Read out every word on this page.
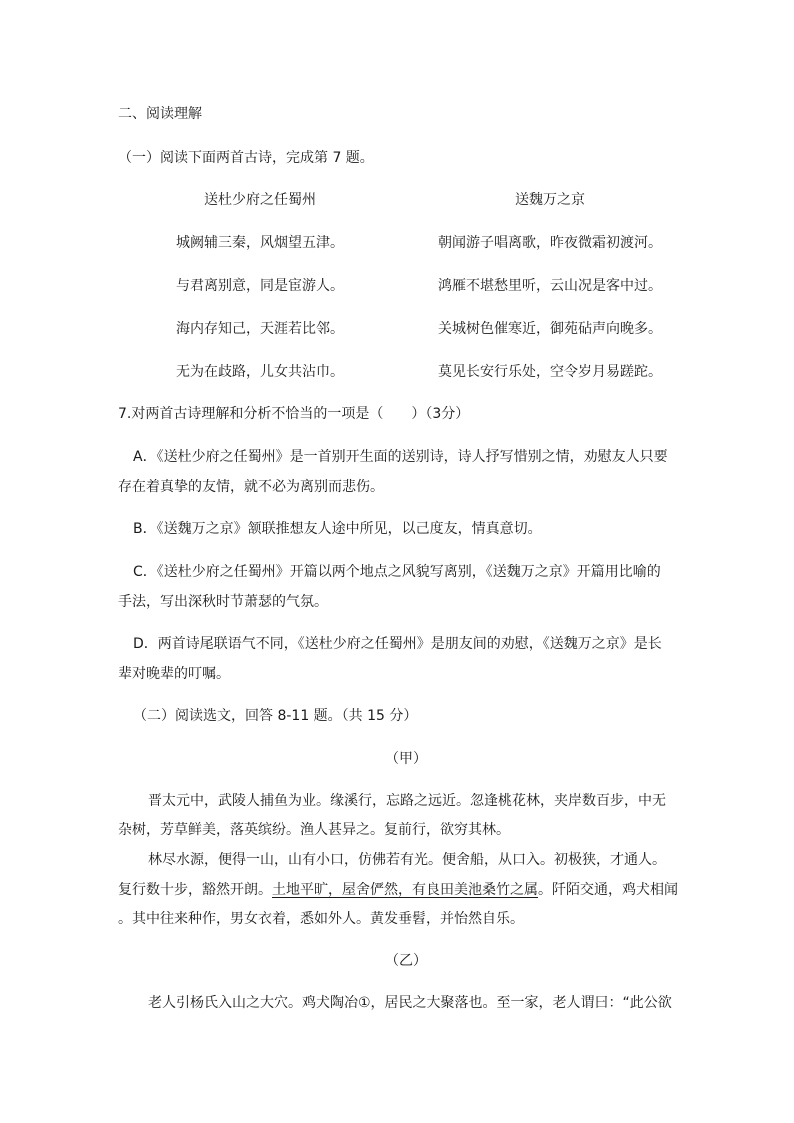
二、阅读理解
（一）阅读下面两首古诗，完成第 7 题。
送杜少府之任蜀州	送魏万之京
城阙辅三秦，风烟望五津。
与君离别意，同是宦游人。
海内存知己，天涯若比邻。
无为在歧路，儿女共沾巾。
朝闻游子唱离歌，昨夜微霜初渡河。
鸿雁不堪愁里听，云山况是客中过。
关城树色催寒近，御苑砧声向晚多。
莫见长安行乐处，空令岁月易蹉跎。
7.对两首古诗理解和分析不恰当的一项是（　　）（3分）
A．《送杜少府之任蜀州》是一首别开生面的送别诗，诗人抒写惜别之情，劝慰友人只要
存在着真挚的友情，就不必为离别而悲伤。
B．《送魏万之京》颔联推想友人途中所见，以己度友，情真意切。
C．《送杜少府之任蜀州》开篇以两个地点之风貌写离别，《送魏万之京》开篇用比喻的
手法，写出深秋时节萧瑟的气氛。
D．两首诗尾联语气不同，《送杜少府之任蜀州》是朋友间的劝慰，《送魏万之京》是长
辈对晚辈的叮嘱。
（二）阅读选文，回答 8-11 题。（共 15 分）
（甲）
晋太元中，武陵人捕鱼为业。缘溪行，忘路之远近。忽逢桃花林，夹岸数百步，中无
杂树，芳草鲜美，落英缤纷。渔人甚异之。复前行，欲穷其林。
林尽水源，便得一山，山有小口，仿佛若有光。便舍船，从口入。初极狭，才通人。
复行数十步，豁然开朗。土地平旷，屋舍俨然，有良田美池桑竹之属。阡陌交通，鸡犬相闻
。其中往来种作，男女衣着，悉如外人。黄发垂髫，并怡然自乐。
（乙）
老人引杨氏入山之大穴。鸡犬陶冶①，居民之大聚落也。至一家，老人谓曰：“此公欲
